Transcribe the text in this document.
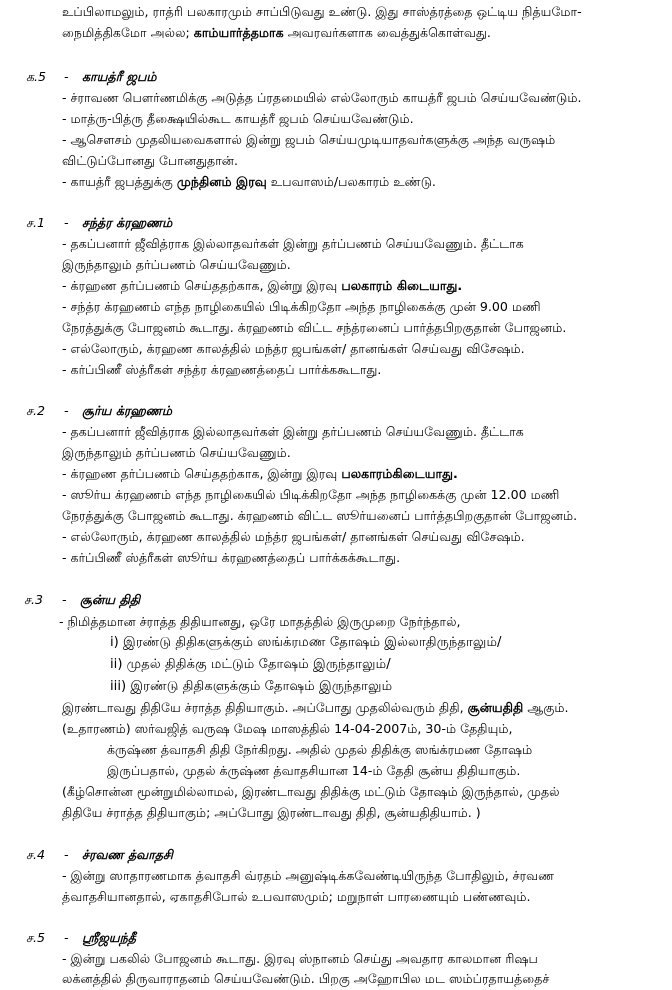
உப்பிலாமலும், ராத்ரி பலகாரமும் சாப்பிடுவது உண்டு. இது சாஸ்த்ரத்தை ஒட்டிய நித்யமோ-
நைமித்திகமோ அல்ல; காம்யார்த்தமாக அவரவர்களாக வைத்துக்கொள்வது.
க.5 - காயத்ரீ ஜபம்
- ச்ராவண பௌர்ணமிக்கு அடுத்த ப்ரதமையில் எல்லோரும் காயத்ரீ ஜபம் செய்யவேண்டும்.
- மாத்ரு-பித்ரு தீக்ஷையில்கூட காயத்ரீ ஜபம் செய்யவேண்டும்.
- ஆசௌசம் முதலியவைகளால் இன்று ஜபம் செய்யமுடியாதவர்களுக்கு அந்த வருஷம்
விட்டுப்போனது போனதுதான்.
- காயத்ரீ ஜபத்துக்கு முந்தினம் இரவு உபவாஸம்/பலகாரம் உண்டு.
ச.1 - சந்த்ர க்ரஹணம்
- தகப்பனார் ஜீவித்ராக இல்லாதவர்கள் இன்று தர்ப்பணம் செய்யவேணும். தீட்டாக
இருந்தாலும் தர்ப்பணம் செய்யவேணும்.
- க்ரஹண தர்ப்பணம் செய்ததற்காக, இன்று இரவு பலகாரம் கிடையாது.
- சந்த்ர க்ரஹணம் எந்த நாழிகையில் பிடிக்கிறதோ அந்த நாழிகைக்கு முன் 9.00 மணி
நேரத்துக்கு போஜனம் கூடாது. க்ரஹணம் விட்ட சந்த்ரனைப் பார்த்தபிறகுதான் போஜனம்.
- எல்லோரும், க்ரஹண காலத்தில் மந்த்ர ஜபங்கள்/ தானங்கள் செய்வது விசேஷம்.
- கர்ப்பிணீ ஸ்த்ரீகள் சந்த்ர க்ரஹணத்தைப் பார்க்ககூடாது.
ச.2 - சூர்ய க்ரஹணம்
- தகப்பனார் ஜீவித்ராக இல்லாதவர்கள் இன்று தர்ப்பணம் செய்யவேணும். தீட்டாக
இருந்தாலும் தர்ப்பணம் செய்யவேணும்.
- க்ரஹண தர்ப்பணம் செய்ததற்காக, இன்று இரவு பலகாரம்கிடையாது.
- ஸூர்ய க்ரஹணம் எந்த நாழிகையில் பிடிக்கிறதோ அந்த நாழிகைக்கு முன் 12.00 மணி
நேரத்துக்கு போஜனம் கூடாது. க்ரஹணம் விட்ட ஸூர்யனைப் பார்த்தபிறகுதான் போஜனம்.
- எல்லோரும், க்ரஹண காலத்தில் மந்த்ர ஜபங்கள்/ தானங்கள் செய்வது விசேஷம்.
- கர்ப்பிணீ ஸ்த்ரீகள் ஸூர்ய க்ரஹணத்தைப் பார்க்கக்கூடாது.
ச.3 - சூன்ய திதி
- நிமித்தமான ச்ராத்த திதியானது, ஒரே மாதத்தில் இருமுறை நேர்ந்தால்,
i) இரண்டு திதிகளுக்கும் ஸங்க்ரமண தோஷம் இல்லாதிருந்தாலும்/
ii) முதல் திதிக்கு மட்டும் தோஷம் இருந்தாலும்/
iii) இரண்டு திதிகளுக்கும் தோஷம் இருந்தாலும்
இரண்டாவது திதியே ச்ராத்த திதியாகும். அப்போது முதலில்வரும் திதி, சூன்யதிதி ஆகும்.
(உதாரணம்) ஸர்வஜித் வருஷ மேஷ மாஸத்தில் 14-04-2007ம், 30-ம் தேதியும்,
க்ருஷ்ண த்வாதசி திதி நேர்கிறது. அதில் முதல் திதிக்கு ஸங்க்ரமண தோஷம்
இருப்பதால், முதல் க்ருஷ்ண த்வாதசியான 14-ம் தேதி சூன்ய திதியாகும்.
(கீழ்சொன்ன மூன்றுமில்லாமல், இரண்டாவது திதிக்கு மட்டும் தோஷம் இருந்தால், முதல்
திதியே ச்ராத்த திதியாகும்; அப்போது இரண்டாவது திதி, சூன்யதிதியாம். )
ச.4 - ச்ரவண த்வாதசி
- இன்று ஸாதாரணமாக த்வாதசி வ்ரதம் அனுஷ்டிக்கவேண்டியிருந்த போதிலும், ச்ரவண
த்வாதசியானதால், ஏகாதசிபோல் உபவாஸமும்; மறுநாள் பாரணையும் பண்ணவும்.
ச.5 - ஸ்ரீஜயந்தீ
- இன்று பகலில் போஜனம் கூடாது. இரவு ஸ்நானம் செய்து அவதார காலமான ரிஷப
லக்னத்தில் திருவாராதனம் செய்யவேண்டும். பிறகு அஹோபில மட ஸம்ப்ரதாயத்தைச்
